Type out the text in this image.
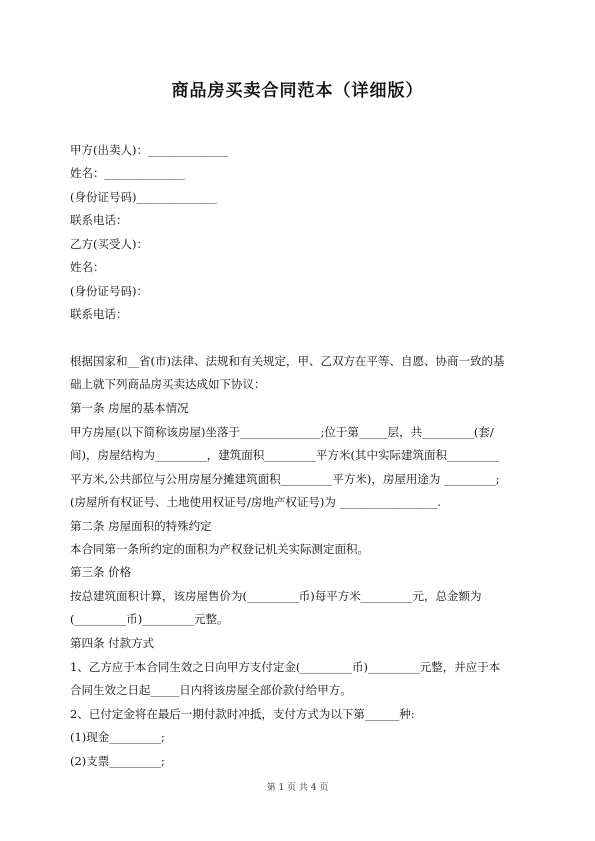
商品房买卖合同范本（详细版）

甲方(出卖人)：______________

姓名：______________

(身份证号码)______________

联系电话：

乙方(买受人)：

姓名：

(身份证号码)：

联系电话：

根据国家和__省(市)法律、法规和有关规定，甲、乙双方在平等、自愿、协商一致的基

础上就下列商品房买卖达成如下协议：

第一条 房屋的基本情况

甲方房屋(以下简称该房屋)坐落于______________;位于第_____层，共_________(套/

间)，房屋结构为_________，建筑面积_________平方米(其中实际建筑面积_________

平方米,公共部位与公用房屋分摊建筑面积_________平方米)，房屋用途为 _________;

(房屋所有权证号、土地使用权证号/房地产权证号)为 _________________.

第二条 房屋面积的特殊约定

本合同第一条所约定的面积为产权登记机关实际测定面积。

第三条 价格

按总建筑面积计算，该房屋售价为(_________币)每平方米_________元，总金额为

(_________币)_________元整。

第四条 付款方式

1、乙方应于本合同生效之日向甲方支付定金(_________币)_________元整，并应于本

合同生效之日起_____日内将该房屋全部价款付给甲方。

2、已付定金将在最后一期付款时冲抵，支付方式为以下第______种:

(1)现金_________;

(2)支票_________;

第 1 页 共 4 页
